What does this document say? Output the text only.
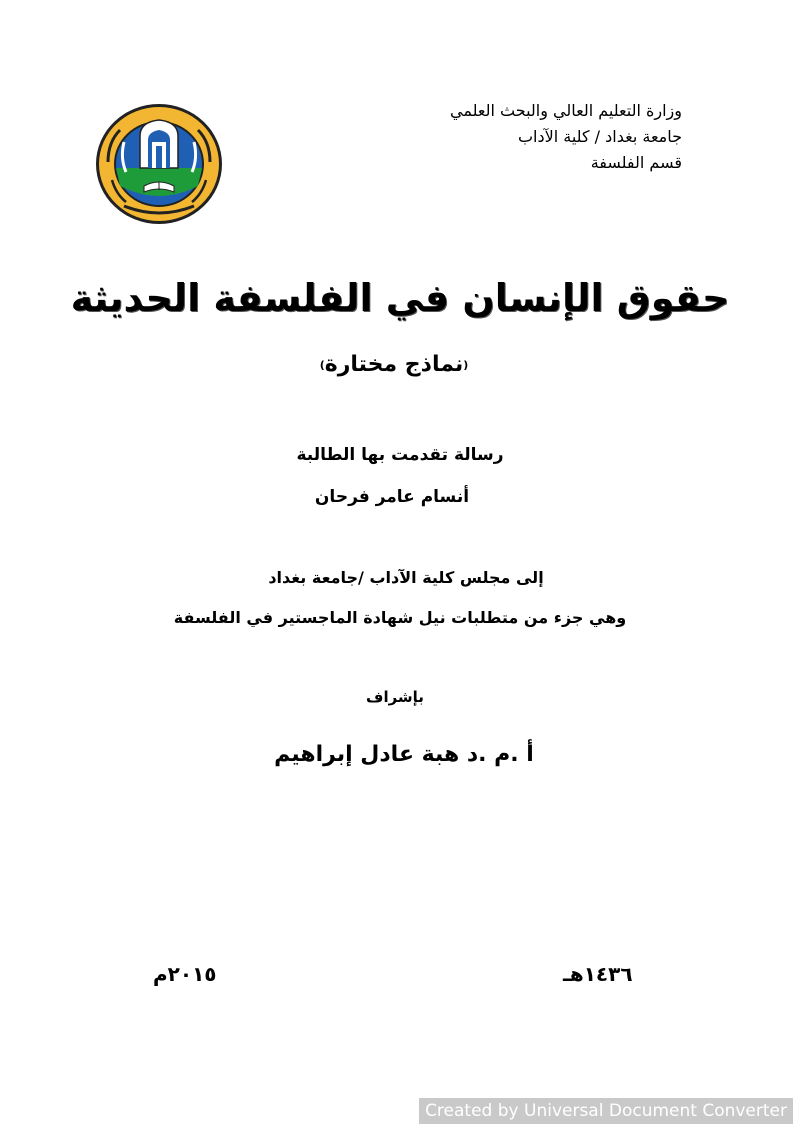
وزارة التعليم العالي والبحث العلمي
جامعة بغداد / كلية الآداب
قسم الفلسفة
حقوق الإنسان في الفلسفة الحديثة
(نماذج مختارة)
رسالة تقدمت بها الطالبة
أنسام عامر فرحان
إلى مجلس كلية الآداب /جامعة بغداد
وهي جزء من متطلبات نيل شهادة الماجستير في الفلسفة
بإشراف
أ .م .د هبة عادل إبراهيم
١٤٣٦هـ
٢٠١٥م
Created by Universal Document Converter
